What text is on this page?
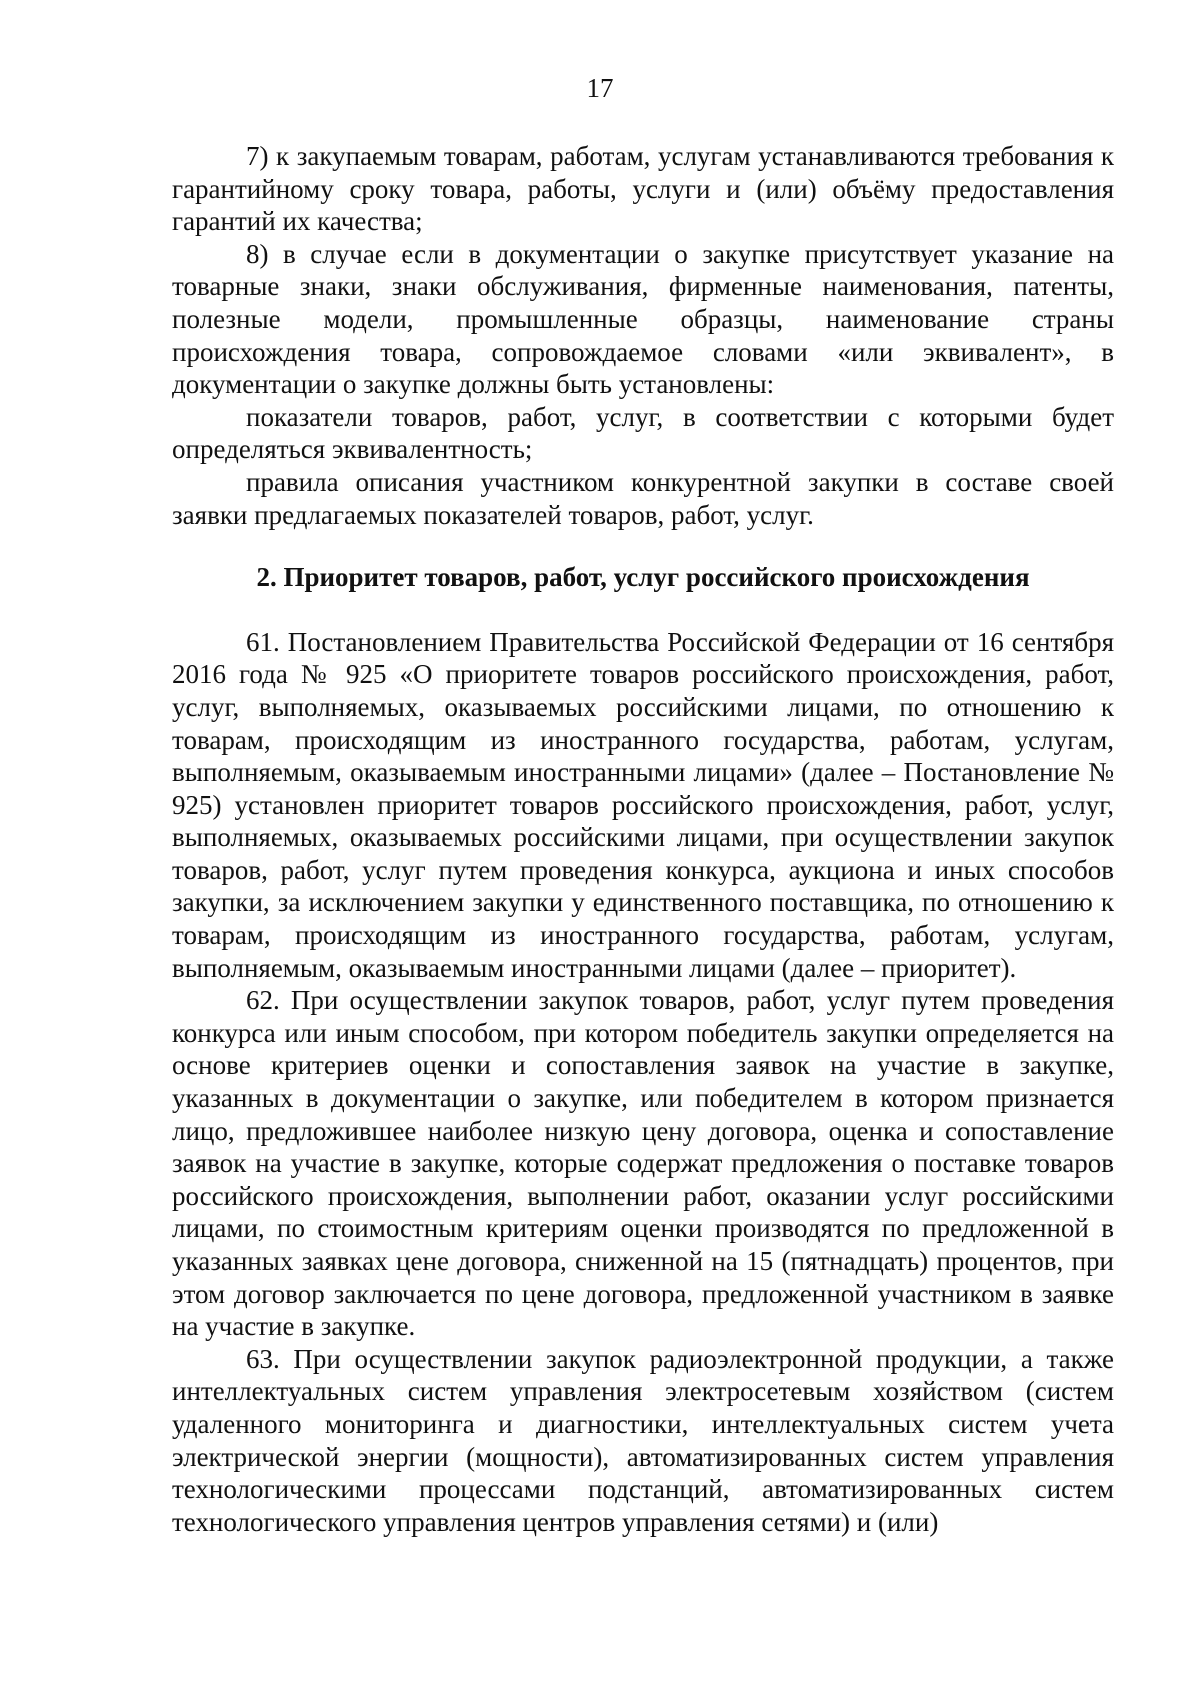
17

7) к закупаемым товарам, работам, услугам устанавливаются требования к гарантийному сроку товара, работы, услуги и (или) объёму предоставления гарантий их качества;

8) в случае если в документации о закупке присутствует указание на товарные знаки, знаки обслуживания, фирменные наименования, патенты, полезные модели, промышленные образцы, наименование страны происхождения товара, сопровождаемое словами «или эквивалент», в документации о закупке должны быть установлены:

показатели товаров, работ, услуг, в соответствии с которыми будет определяться эквивалентность;

правила описания участником конкурентной закупки в составе своей заявки предлагаемых показателей товаров, работ, услуг.

2. Приоритет товаров, работ, услуг российского происхождения

61. Постановлением Правительства Российской Федерации от 16 сентября 2016 года № 925 «О приоритете товаров российского происхождения, работ, услуг, выполняемых, оказываемых российскими лицами, по отношению к товарам, происходящим из иностранного государства, работам, услугам, выполняемым, оказываемым иностранными лицами» (далее – Постановление № 925) установлен приоритет товаров российского происхождения, работ, услуг, выполняемых, оказываемых российскими лицами, при осуществлении закупок товаров, работ, услуг путем проведения конкурса, аукциона и иных способов закупки, за исключением закупки у единственного поставщика, по отношению к товарам, происходящим из иностранного государства, работам, услугам, выполняемым, оказываемым иностранными лицами (далее – приоритет).

62. При осуществлении закупок товаров, работ, услуг путем проведения конкурса или иным способом, при котором победитель закупки определяется на основе критериев оценки и сопоставления заявок на участие в закупке, указанных в документации о закупке, или победителем в котором признается лицо, предложившее наиболее низкую цену договора, оценка и сопоставление заявок на участие в закупке, которые содержат предложения о поставке товаров российского происхождения, выполнении работ, оказании услуг российскими лицами, по стоимостным критериям оценки производятся по предложенной в указанных заявках цене договора, сниженной на 15 (пятнадцать) процентов, при этом договор заключается по цене договора, предложенной участником в заявке на участие в закупке.

63. При осуществлении закупок радиоэлектронной продукции, а также интеллектуальных систем управления электросетевым хозяйством (систем удаленного мониторинга и диагностики, интеллектуальных систем учета электрической энергии (мощности), автоматизированных систем управления технологическими процессами подстанций, автоматизированных систем технологического управления центров управления сетями) и (или)
